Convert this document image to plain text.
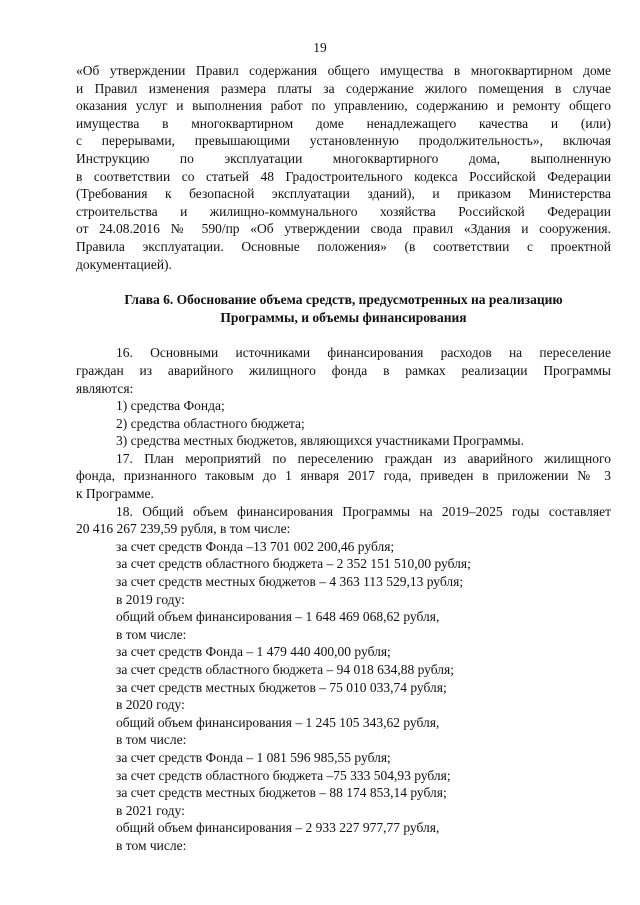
19
«Об утверждении Правил содержания общего имущества в многоквартирном доме
и Правил изменения размера платы за содержание жилого помещения в случае
оказания услуг и выполнения работ по управлению, содержанию и ремонту общего
имущества в многоквартирном доме ненадлежащего качества и (или)
с перерывами, превышающими установленную продолжительность», включая
Инструкцию по эксплуатации многоквартирного дома, выполненную
в соответствии со статьей 48 Градостроительного кодекса Российской Федерации
(Требования к безопасной эксплуатации зданий), и приказом Министерства
строительства и жилищно-коммунального хозяйства Российской Федерации
от 24.08.2016 № 590/пр «Об утверждении свода правил «Здания и сооружения.
Правила эксплуатации. Основные положения» (в соответствии с проектной
документацией).
Глава 6. Обоснование объема средств, предусмотренных на реализацию
Программы, и объемы финансирования
16. Основными источниками финансирования расходов на переселение
граждан из аварийного жилищного фонда в рамках реализации Программы
являются:
1) средства Фонда;
2) средства областного бюджета;
3) средства местных бюджетов, являющихся участниками Программы.
17. План мероприятий по переселению граждан из аварийного жилищного
фонда, признанного таковым до 1 января 2017 года, приведен в приложении № 3
к Программе.
18. Общий объем финансирования Программы на 2019–2025 годы составляет
20 416 267 239,59 рубля, в том числе:
за счет средств Фонда –13 701 002 200,46 рубля;
за счет средств областного бюджета – 2 352 151 510,00 рубля;
за счет средств местных бюджетов – 4 363 113 529,13 рубля;
в 2019 году:
общий объем финансирования – 1 648 469 068,62 рубля,
в том числе:
за счет средств Фонда – 1 479 440 400,00 рубля;
за счет средств областного бюджета – 94 018 634,88 рубля;
за счет средств местных бюджетов – 75 010 033,74 рубля;
в 2020 году:
общий объем финансирования – 1 245 105 343,62 рубля,
в том числе:
за счет средств Фонда – 1 081 596 985,55 рубля;
за счет средств областного бюджета –75 333 504,93 рубля;
за счет средств местных бюджетов – 88 174 853,14 рубля;
в 2021 году:
общий объем финансирования – 2 933 227 977,77 рубля,
в том числе:
